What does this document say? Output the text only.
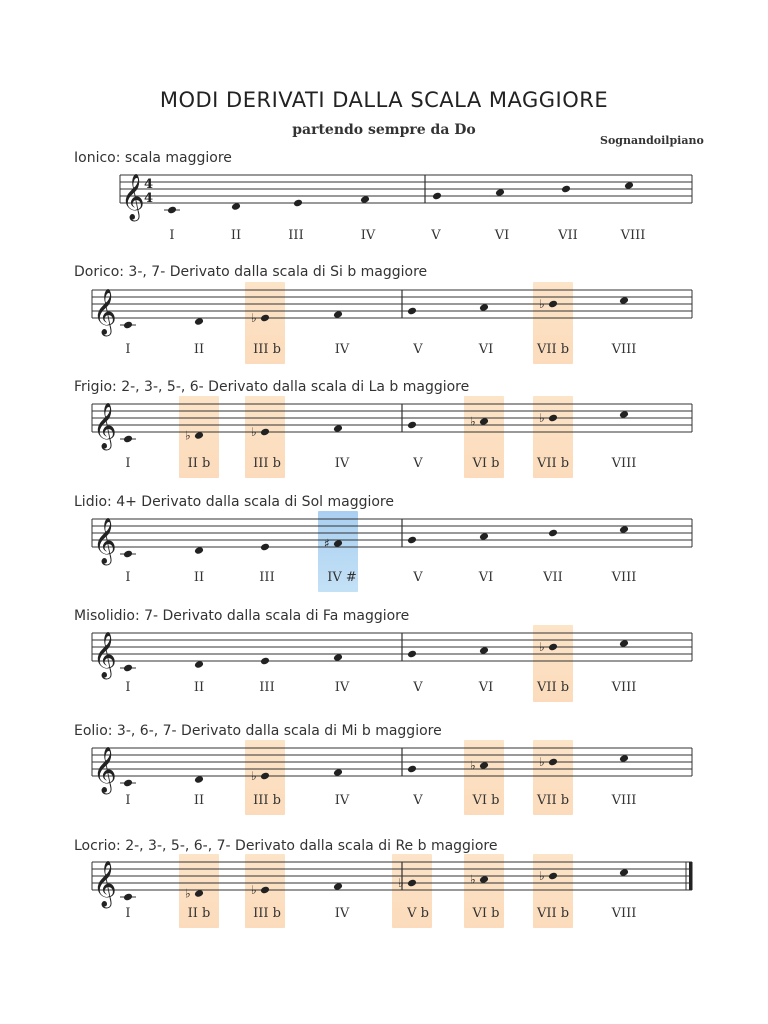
MODI DERIVATI DALLA SCALA MAGGIORE
partendo sempre da Do
Sognandoilpiano
Ionico: scala maggiore
𝄞 4
4
I	II	III	IV	V	VI	VII	VIII
Dorico: 3-, 7- Derivato dalla scala di Si b maggiore
𝄞	♭
♭
I	II	III b	IV	V	VI	VII b	VIII
Frigio: 2-, 3-, 5-, 6- Derivato dalla scala di La b maggiore
𝄞	♭	♭
♭	♭
I	II b	III b	IV	V	VI b	VII b	VIII
Lidio: 4+ Derivato dalla scala di Sol maggiore
𝄞	♯
I	II	III	IV #	V	VI	VII	VIII
Misolidio: 7- Derivato dalla scala di Fa maggiore
𝄞	♭
I	II	III	IV	V	VI	VII b	VIII
Eolio: 3-, 6-, 7- Derivato dalla scala di Mi b maggiore
𝄞	♭
♭	♭
I	II	III b	IV	V	VI b	VII b	VIII
Locrio: 2-, 3-, 5-, 6-, 7- Derivato dalla scala di Re b maggiore
𝄞	♭	♭	♭	♭	♭
I	II b	III b	IV	V b	VI b	VII b	VIII
